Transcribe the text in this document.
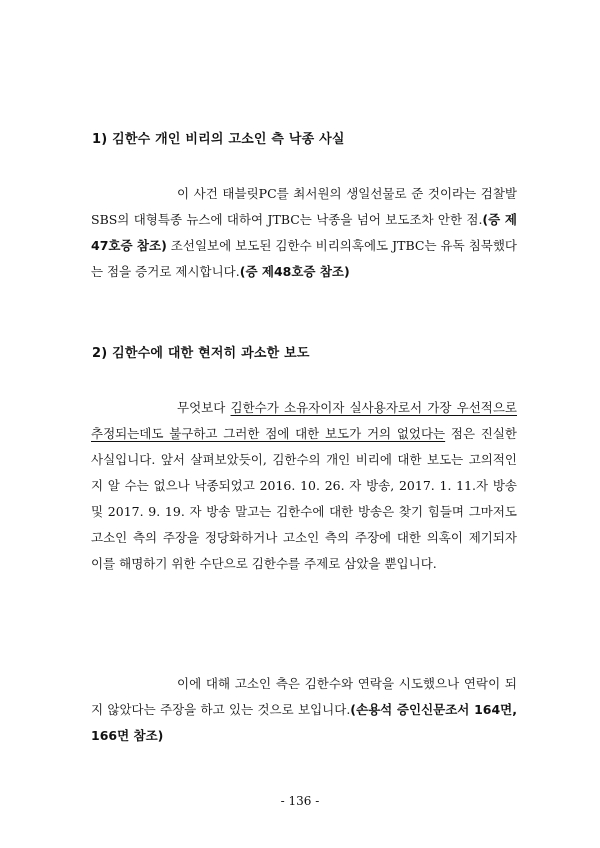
1) 김한수 개인 비리의 고소인 측 낙종 사실

이 사건 태블릿PC를 최서원의 생일선물로 준 것이라는 검찰발 SBS의 대형특종 뉴스에 대하여 JTBC는 낙종을 넘어 보도조차 안한 점.(증 제47호증 참조) 조선일보에 보도된 김한수 비리의혹에도 JTBC는 유독 침묵했다는 점을 증거로 제시합니다.(증 제48호증 참조)

2) 김한수에 대한 현저히 과소한 보도

무엇보다 김한수가 소유자이자 실사용자로서 가장 우선적으로 추정되는데도 불구하고 그러한 점에 대한 보도가 거의 없었다는 점은 진실한 사실입니다. 앞서 살펴보았듯이, 김한수의 개인 비리에 대한 보도는 고의적인지 알 수는 없으나 낙종되었고 2016. 10. 26. 자 방송, 2017. 1. 11.자 방송 및 2017. 9. 19. 자 방송 말고는 김한수에 대한 방송은 찾기 힘들며 그마저도 고소인 측의 주장을 정당화하거나 고소인 측의 주장에 대한 의혹이 제기되자 이를 해명하기 위한 수단으로 김한수를 주제로 삼았을 뿐입니다.

이에 대해 고소인 측은 김한수와 연락을 시도했으나 연락이 되지 않았다는 주장을 하고 있는 것으로 보입니다.(손용석 증인신문조서 164면, 166면 참조)

- 136 -
